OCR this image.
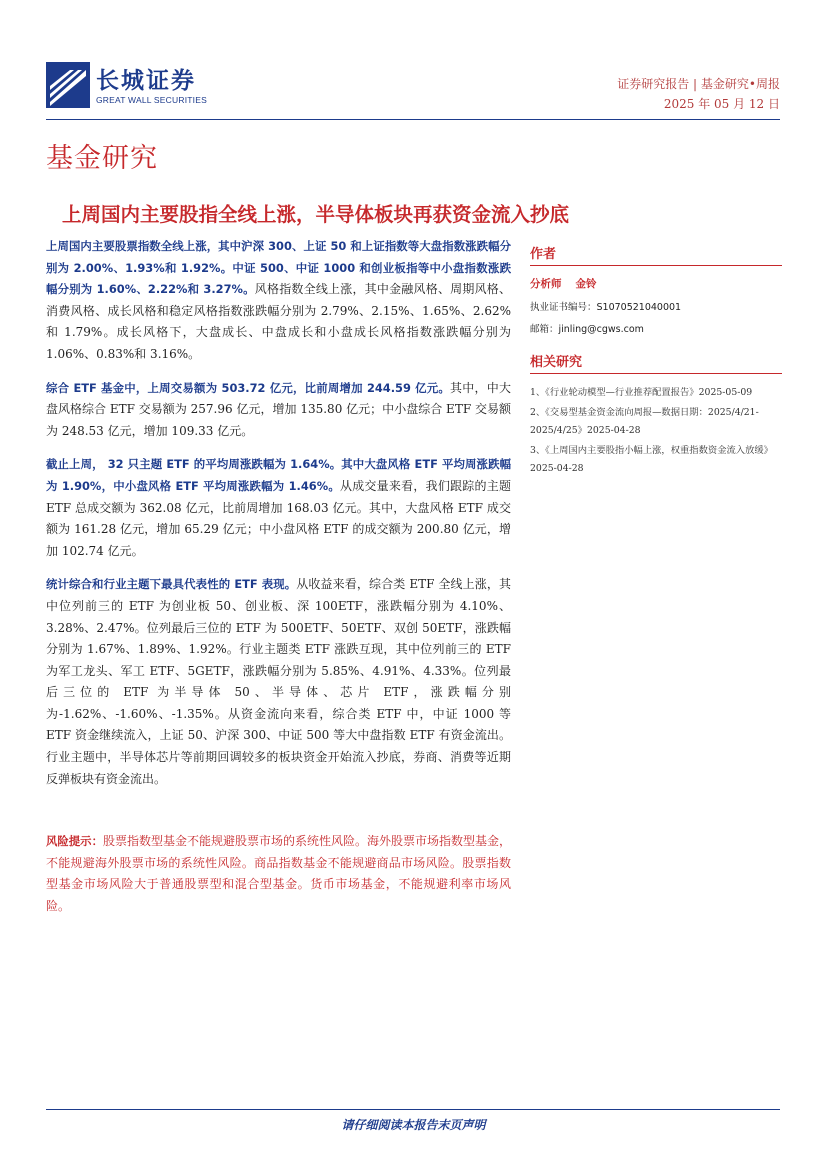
长城证券
GREAT WALL SECURITIES
证券研究报告 | 基金研究•周报
2025 年 05 月 12 日
基金研究
上周国内主要股指全线上涨，半导体板块再获资金流入抄底

上周国内主要股票指数全线上涨，其中沪深 300、上证 50 和上证指数等大盘指数涨跌幅分别为 2.00%、1.93%和 1.92%。中证 500、中证 1000 和创业板指等中小盘指数涨跌幅分别为 1.60%、2.22%和 3.27%。风格指数全线上涨，其中金融风格、周期风格、消费风格、成长风格和稳定风格指数涨跌幅分别为 2.79%、2.15%、1.65%、2.62%和 1.79%。成长风格下，大盘成长、中盘成长和小盘成长风格指数涨跌幅分别为 1.06%、0.83%和 3.16%。

综合 ETF 基金中，上周交易额为 503.72 亿元，比前周增加 244.59 亿元。其中，中大盘风格综合 ETF 交易额为 257.96 亿元，增加 135.80 亿元；中小盘综合 ETF 交易额为 248.53 亿元，增加 109.33 亿元。

截止上周， 32 只主题 ETF 的平均周涨跌幅为 1.64%。其中大盘风格 ETF 平均周涨跌幅为 1.90%，中小盘风格 ETF 平均周涨跌幅为 1.46%。从成交量来看，我们跟踪的主题 ETF 总成交额为 362.08 亿元，比前周增加 168.03 亿元。其中，大盘风格 ETF 成交额为 161.28 亿元，增加 65.29 亿元；中小盘风格 ETF 的成交额为 200.80 亿元，增加 102.74 亿元。

统计综合和行业主题下最具代表性的 ETF 表现。从收益来看，综合类 ETF 全线上涨，其中位列前三的 ETF 为创业板 50、创业板、深 100ETF，涨跌幅分别为 4.10%、3.28%、2.47%。位列最后三位的 ETF 为 500ETF、50ETF、双创 50ETF，涨跌幅分别为 1.67%、1.89%、1.92%。行业主题类 ETF 涨跌互现，其中位列前三的 ETF 为军工龙头、军工 ETF、5GETF，涨跌幅分别为 5.85%、4.91%、4.33%。位列最后三位的 ETF 为半导体 50、半导体、芯片 ETF，涨跌幅分别为-1.62%、-1.60%、-1.35%。从资金流向来看，综合类 ETF 中，中证 1000 等 ETF 资金继续流入，上证 50、沪深 300、中证 500 等大中盘指数 ETF 有资金流出。行业主题中，半导体芯片等前期回调较多的板块资金开始流入抄底，券商、消费等近期反弹板块有资金流出。

风险提示：股票指数型基金不能规避股票市场的系统性风险。海外股票市场指数型基金，不能规避海外股票市场的系统性风险。商品指数基金不能规避商品市场风险。股票指数型基金市场风险大于普通股票型和混合型基金。货币市场基金，不能规避利率市场风险。
作者
分析师 金铃
执业证书编号：S1070521040001
邮箱：jinling@cgws.com
相关研究
1、《行业轮动模型—行业推荐配置报告》2025-05-09
2、《交易型基金资金流向周报—数据日期：2025/4/21-2025/4/25》2025-04-28
3、《上周国内主要股指小幅上涨，权重指数资金流入放缓》2025-04-28
请仔细阅读本报告末页声明
